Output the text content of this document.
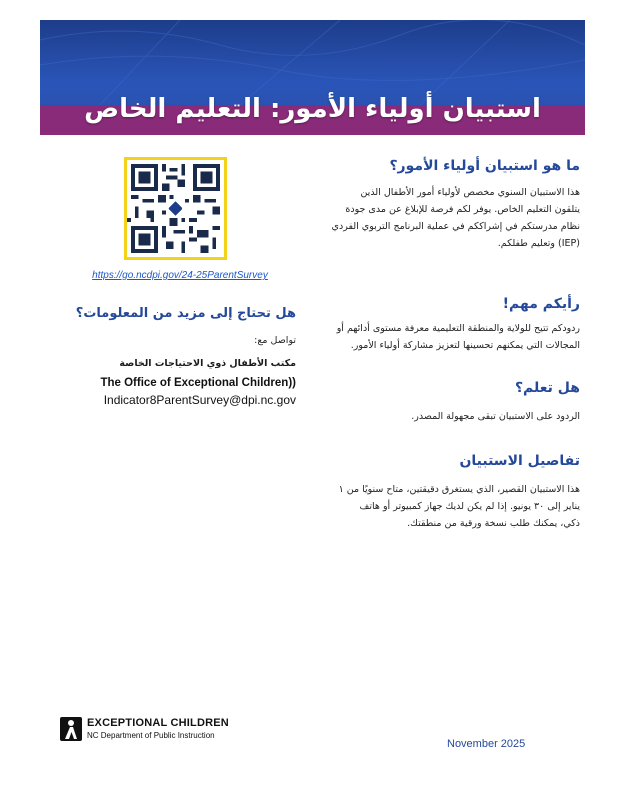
استبيان أولياء الأمور: التعليم الخاص
ما هو استبيان أولياء الأمور؟

هذا الاستبيان السنوي مخصص لأولياء أمور الأطفال الذين
يتلقون التعليم الخاص. يوفر لكم فرصة للإبلاغ عن مدى جودة
نظام مدرستكم في إشراككم في عملية البرنامج التربوي الفردي
(IEP) وتعليم طفلكم.

رأيكم مهم!

ردودكم تتيح للولاية والمنطقة التعليمية معرفة مستوى أدائهم أو
المجالات التي يمكنهم تحسينها لتعزيز مشاركة أولياء الأمور.

هل تعلم؟

الردود على الاستبيان تبقى مجهولة المصدر.

تفاصيل الاستبيان

هذا الاستبيان القصير، الذي يستغرق دقيقتين، متاح سنويًا من ١
يناير إلى ٣٠ يونيو. إذا لم يكن لديك جهاز كمبيوتر أو هاتف
ذكي، يمكنك طلب نسخة ورقية من منطقتك.

https://go.ncdpi.gov/24-25ParentSurvey
هل تحتاج إلى مزيد من المعلومات؟
تواصل مع:
مكتب الأطفال ذوي الاحتياجات الخاصة
The Office of Exceptional Children))
Indicator8ParentSurvey@dpi.nc.gov
EXCEPTIONAL CHILDREN
NC Department of Public Instruction
November 2025
